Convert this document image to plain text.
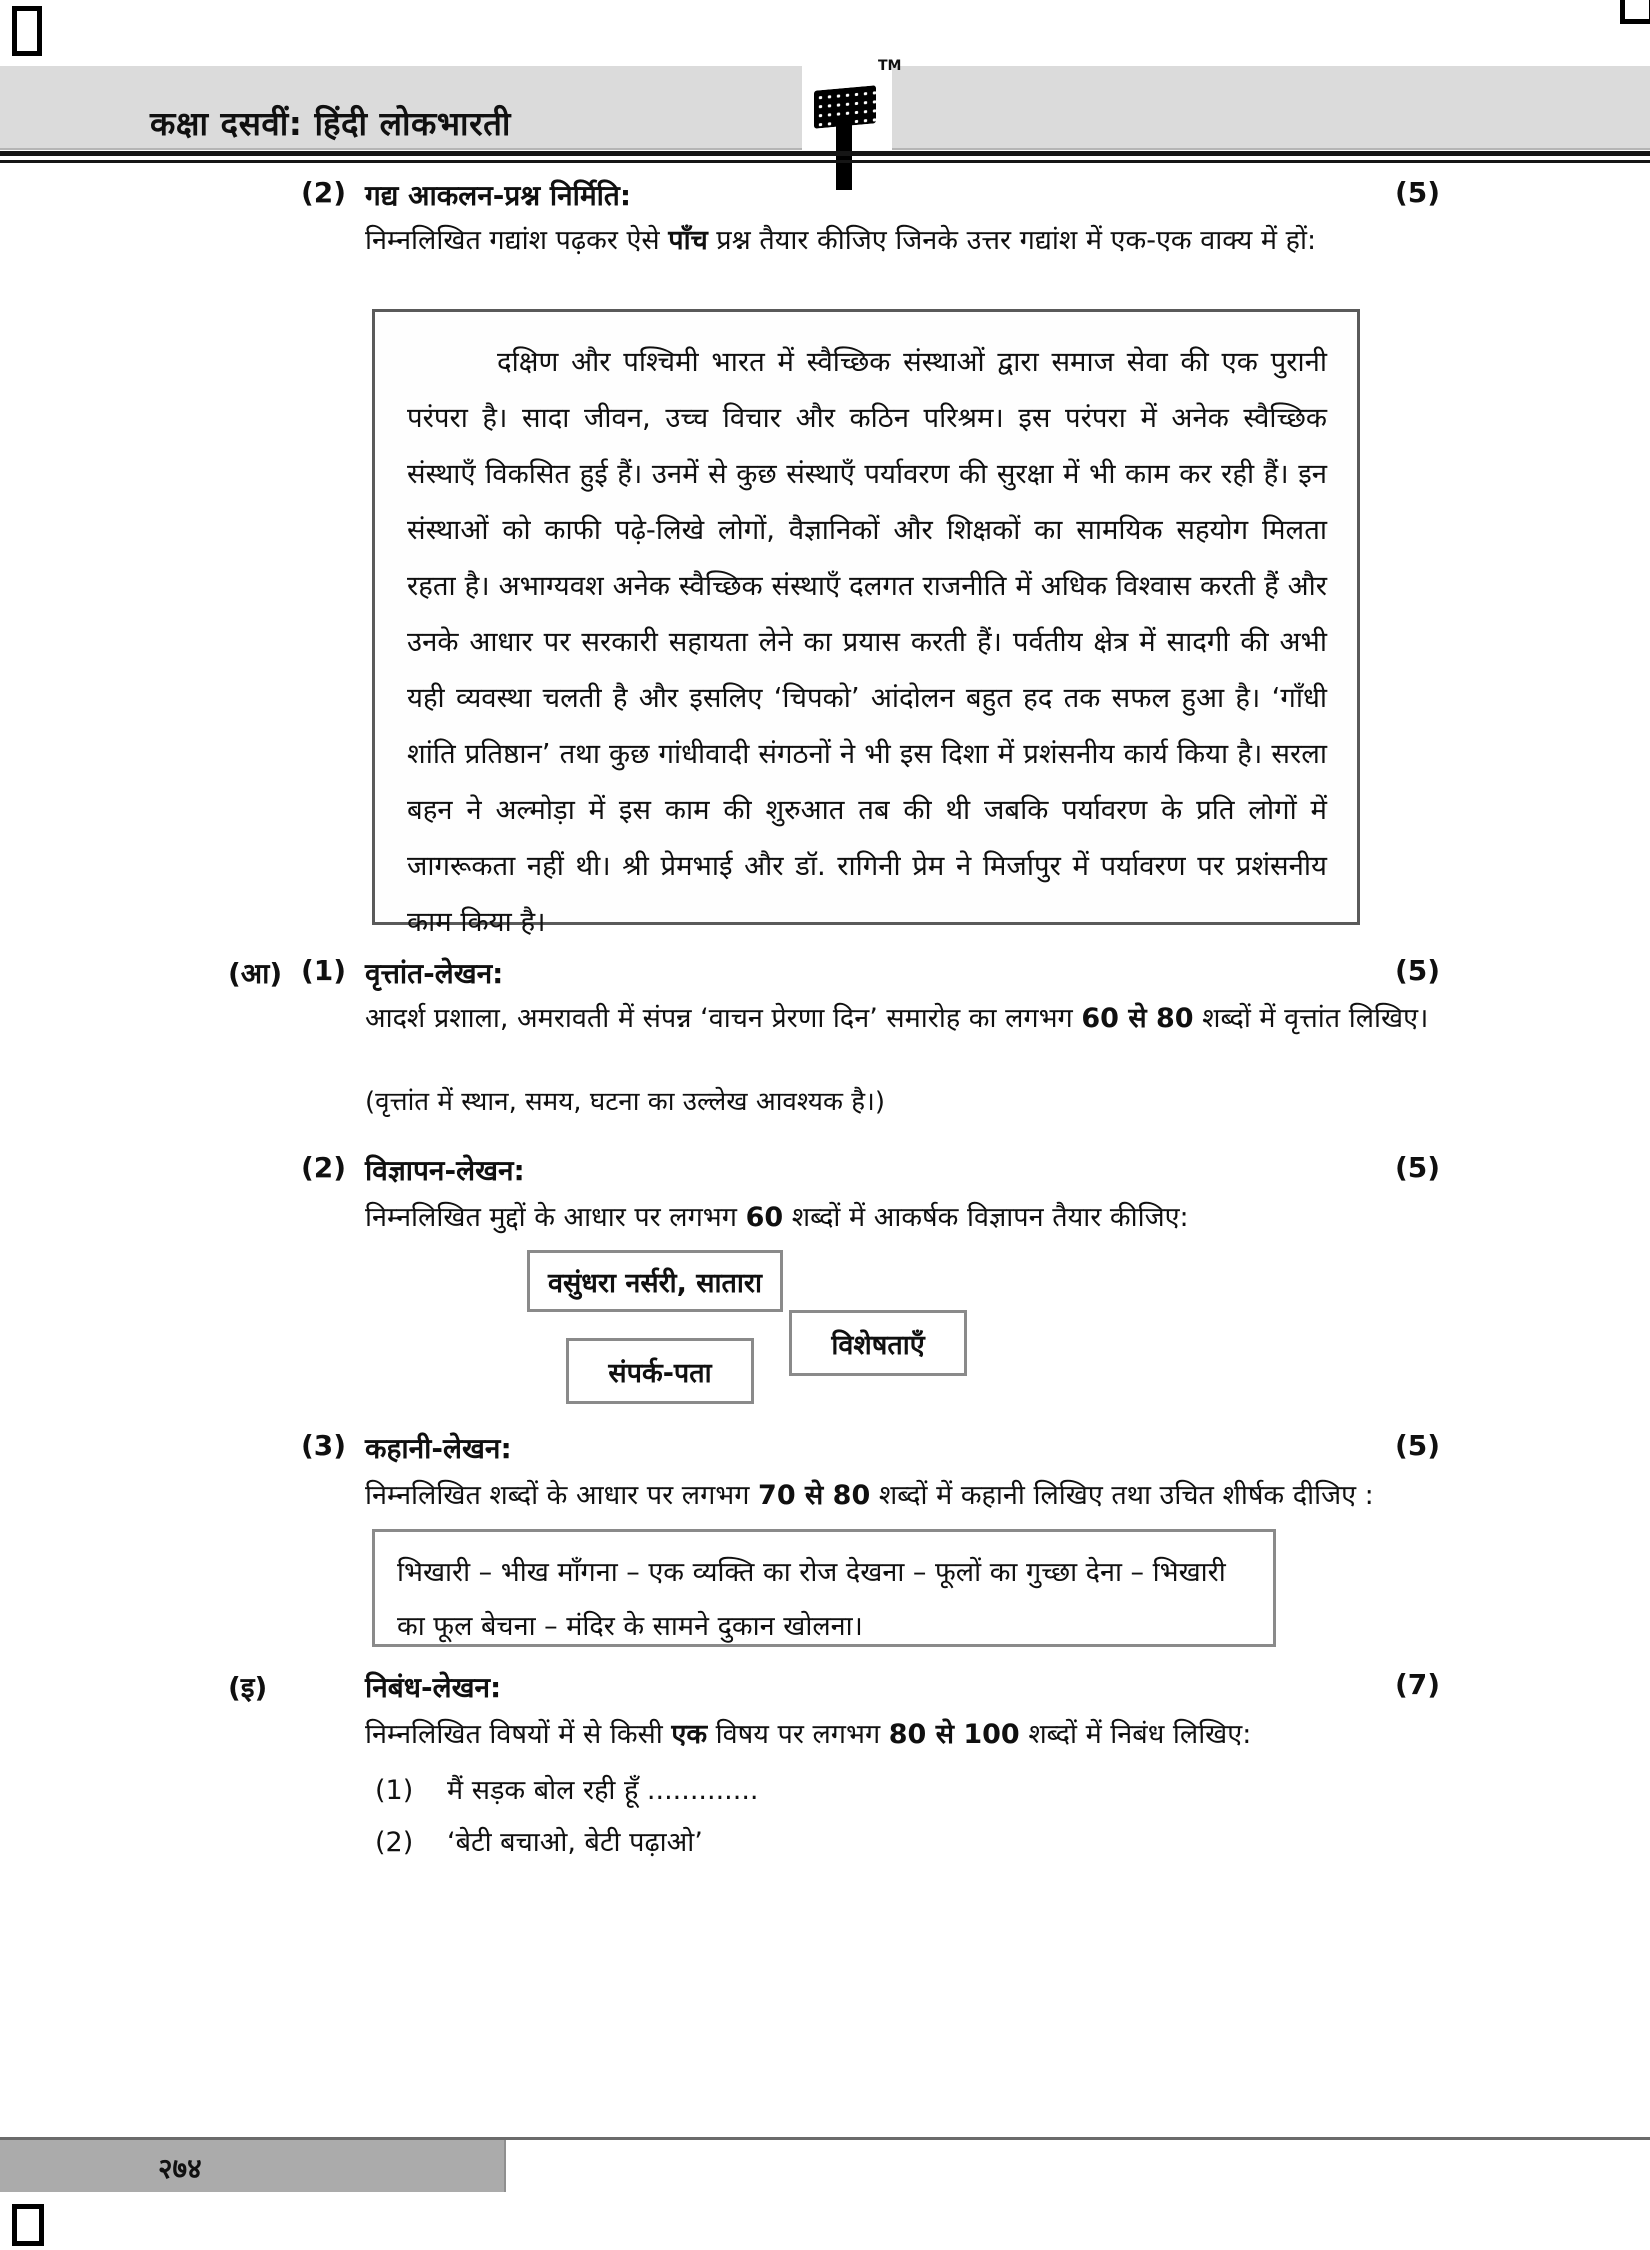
TM
कक्षा दसवीं: हिंदी लोकभारती
(2) गद्य आकलन-प्रश्न निर्मिति:	(5)

निम्नलिखित गद्यांश पढ़कर ऐसे पाँच प्रश्न तैयार कीजिए जिनके उत्तर गद्यांश में एक-एक वाक्य में हों:

दक्षिण और पश्चिमी भारत में स्वैच्छिक संस्थाओं द्वारा समाज सेवा की एक पुरानी परंपरा है। सादा जीवन, उच्च विचार और कठिन परिश्रम। इस परंपरा में अनेक स्वैच्छिक संस्थाएँ विकसित हुई हैं। उनमें से कुछ संस्थाएँ पर्यावरण की सुरक्षा में भी काम कर रही हैं। इन संस्थाओं को काफी पढ़े-लिखे लोगों, वैज्ञानिकों और शिक्षकों का सामयिक सहयोग मिलता रहता है। अभाग्यवश अनेक स्वैच्छिक संस्थाएँ दलगत राजनीति में अधिक विश्वास करती हैं और उनके आधार पर सरकारी सहायता लेने का प्रयास करती हैं। पर्वतीय क्षेत्र में सादगी की अभी यही व्यवस्था चलती है और इसलिए ‘चिपको’ आंदोलन बहुत हद तक सफल हुआ है। ‘गाँधी शांति प्रतिष्ठान’ तथा कुछ गांधीवादी संगठनों ने भी इस दिशा में प्रशंसनीय कार्य किया है। सरला बहन ने अल्मोड़ा में इस काम की शुरुआत तब की थी जबकि पर्यावरण के प्रति लोगों में जागरूकता नहीं थी। श्री प्रेमभाई और डॉ. रागिनी प्रेम ने मिर्जापुर में पर्यावरण पर प्रशंसनीय काम किया है।

(आ) (1) वृत्तांत-लेखन:	(5)

आदर्श प्रशाला, अमरावती में संपन्न ‘वाचन प्रेरणा दिन’ समारोह का लगभग 60 से 80 शब्दों में वृत्तांत लिखिए।

(वृत्तांत में स्थान, समय, घटना का उल्लेख आवश्यक है।)

(2) विज्ञापन-लेखन:	(5)

निम्नलिखित मुद्दों के आधार पर लगभग 60 शब्दों में आकर्षक विज्ञापन तैयार कीजिए:

वसुंधरा नर्सरी, सातारा
संपर्क-पता
विशेषताएँ
(3) कहानी-लेखन:	(5)

निम्नलिखित शब्दों के आधार पर लगभग 70 से 80 शब्दों में कहानी लिखिए तथा उचित शीर्षक दीजिए :

भिखारी – भीख माँगना – एक व्यक्ति का रोज देखना – फूलों का गुच्छा देना – भिखारी का फूल बेचना – मंदिर के सामने दुकान खोलना।

(इ)	निबंध-लेखन:	(7)

निम्नलिखित विषयों में से किसी एक विषय पर लगभग 80 से 100 शब्दों में निबंध लिखिए:

(1) मैं सड़क बोल रही हूँ .............
(2) ‘बेटी बचाओ, बेटी पढ़ाओ’
२७४
